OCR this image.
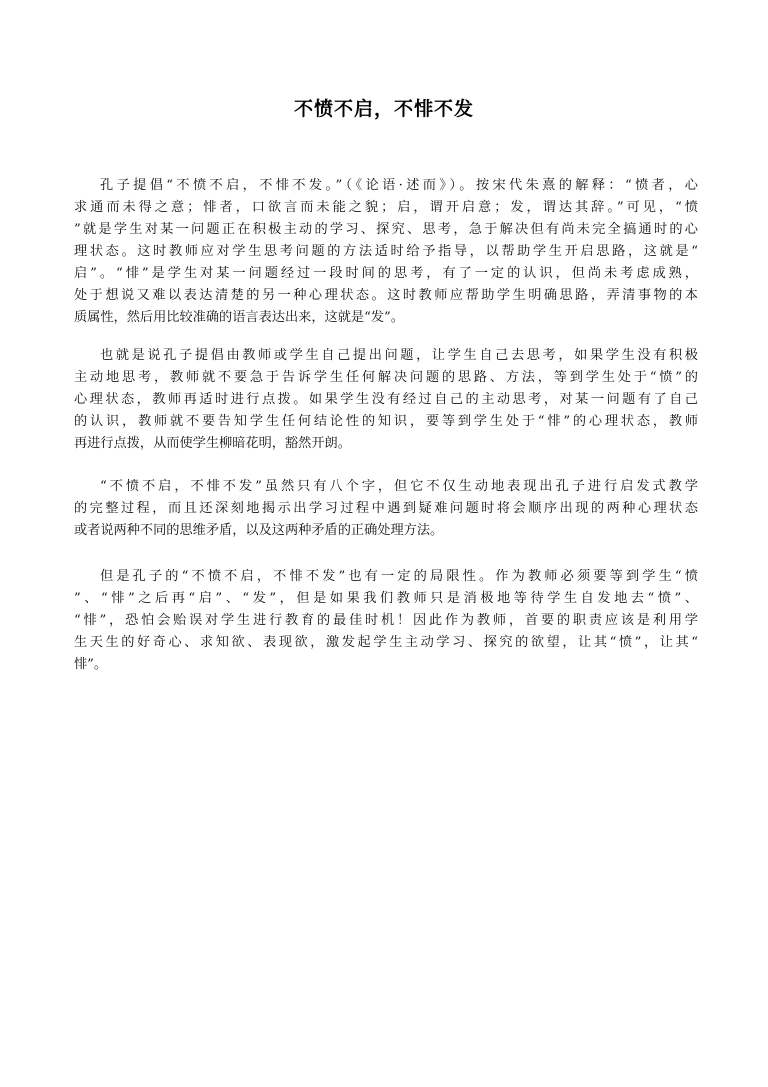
不愤不启，不悱不发
孔子提倡“不愤不启，不悱不发。”（《论语·述而》）。按宋代朱熹的解释：“愤者，心
求通而未得之意；悱者，口欲言而未能之貌；启，谓开启意；发，谓达其辞。”可见，“愤
”就是学生对某一问题正在积极主动的学习、探究、思考，急于解决但有尚未完全搞通时的心
理状态。这时教师应对学生思考问题的方法适时给予指导，以帮助学生开启思路，这就是“
启”。“悱”是学生对某一问题经过一段时间的思考，有了一定的认识，但尚未考虑成熟，
处于想说又难以表达清楚的另一种心理状态。这时教师应帮助学生明确思路，弄清事物的本
质属性，然后用比较准确的语言表达出来，这就是“发”。
也就是说孔子提倡由教师或学生自己提出问题，让学生自己去思考，如果学生没有积极
主动地思考，教师就不要急于告诉学生任何解决问题的思路、方法，等到学生处于“愤”的
心理状态，教师再适时进行点拨。如果学生没有经过自己的主动思考，对某一问题有了自己
的认识，教师就不要告知学生任何结论性的知识，要等到学生处于“悱”的心理状态，教师
再进行点拨，从而使学生柳暗花明，豁然开朗。
“不愤不启，不悱不发”虽然只有八个字，但它不仅生动地表现出孔子进行启发式教学
的完整过程，而且还深刻地揭示出学习过程中遇到疑难问题时将会顺序出现的两种心理状态
或者说两种不同的思维矛盾，以及这两种矛盾的正确处理方法。
但是孔子的“不愤不启，不悱不发”也有一定的局限性。作为教师必须要等到学生“愤
”、“悱”之后再“启”、“发”，但是如果我们教师只是消极地等待学生自发地去“愤”、
“悱”，恐怕会贻误对学生进行教育的最佳时机！因此作为教师，首要的职责应该是利用学
生天生的好奇心、求知欲、表现欲，激发起学生主动学习、探究的欲望，让其“愤”，让其“
悱”。
